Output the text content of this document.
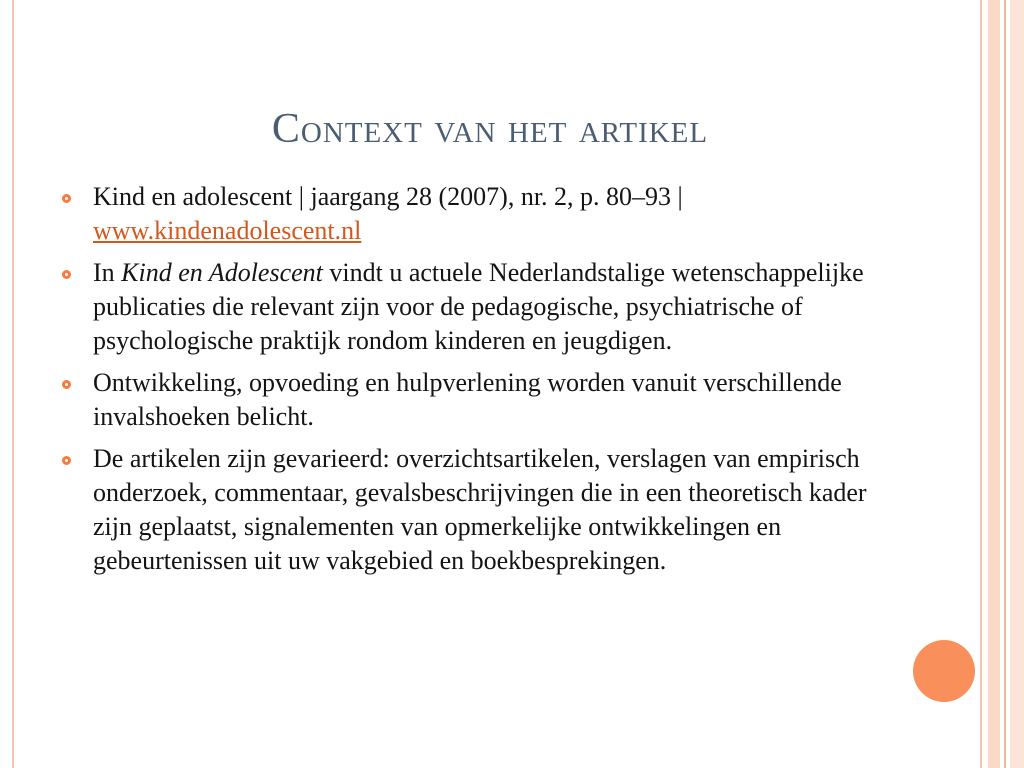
Context van het artikel
Kind en adolescent | jaargang 28 (2007), nr. 2, p. 80–93 | www.kindenadolescent.nl
In Kind en Adolescent vindt u actuele Nederlandstalige wetenschappelijke publicaties die relevant zijn voor de pedagogische, psychiatrische of psychologische praktijk rondom kinderen en jeugdigen.
Ontwikkeling, opvoeding en hulpverlening worden vanuit verschillende invalshoeken belicht.
De artikelen zijn gevarieerd: overzichtsartikelen, verslagen van empirisch onderzoek, commentaar, gevalsbeschrijvingen die in een theoretisch kader zijn geplaatst, signalementen van opmerkelijke ontwikkelingen en gebeurtenissen uit uw vakgebied en boekbesprekingen.
